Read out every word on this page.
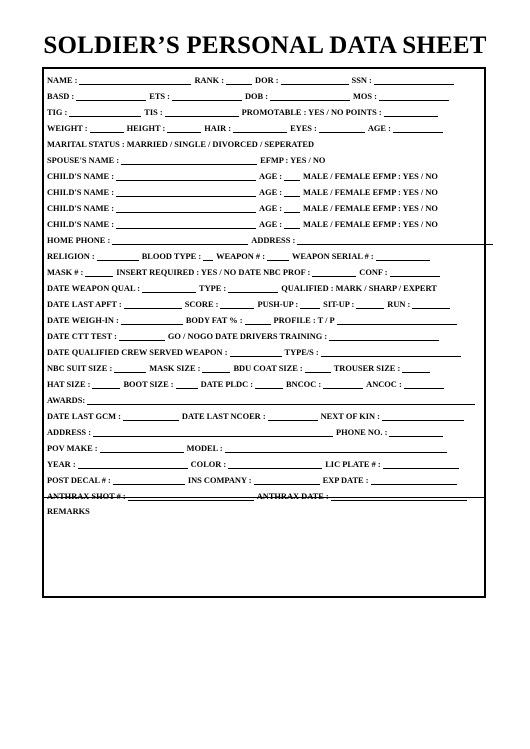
SOLDIER’S PERSONAL DATA SHEET
NAME :	RANK :	DOR :	SSN :
BASD :	ETS :	DOB :	MOS :
TIG :	TIS :	PROMOTABLE : YES / NO POINTS :
WEIGHT :	HEIGHT :	HAIR :	EYES :	AGE :
MARITAL STATUS : MARRIED / SINGLE / DIVORCED / SEPERATED
SPOUSE'S NAME :	EFMP : YES / NO
CHILD'S NAME :	AGE :	MALE / FEMALE EFMP : YES / NO
CHILD'S NAME :	AGE :	MALE / FEMALE EFMP : YES / NO
CHILD'S NAME :	AGE :	MALE / FEMALE EFMP : YES / NO
CHILD'S NAME :	AGE :	MALE / FEMALE EFMP : YES / NO
HOME PHONE :	ADDRESS :
RELIGION :	BLOOD TYPE : WEAPON # :	WEAPON SERIAL # :
MASK # :	INSERT REQUIRED : YES / NO DATE NBC PROF :	CONF :
DATE WEAPON QUAL :	TYPE :	QUALIFIED : MARK / SHARP / EXPERT
DATE LAST APFT :	SCORE :	PUSH-UP :	SIT-UP :	RUN :
DATE WEIGH-IN :	BODY FAT % :	PROFILE : T / P
DATE CTT TEST :	GO / NOGO DATE DRIVERS TRAINING :
DATE QUALIFIED CREW SERVED WEAPON :	TYPE/S :
NBC SUIT SIZE :	MASK SIZE :	BDU COAT SIZE :	TROUSER SIZE :
HAT SIZE :	BOOT SIZE :	DATE PLDC :	BNCOC :	ANCOC :
AWARDS:
DATE LAST GCM :	DATE LAST NCOER :	NEXT OF KIN :
ADDRESS :	PHONE NO. :
POV MAKE :	MODEL :
YEAR :	COLOR :	LIC PLATE # :
POST DECAL # :	INS COMPANY :	EXP DATE :
ANTHRAX SHOT # :	ANTHRAX DATE :
REMARKS
